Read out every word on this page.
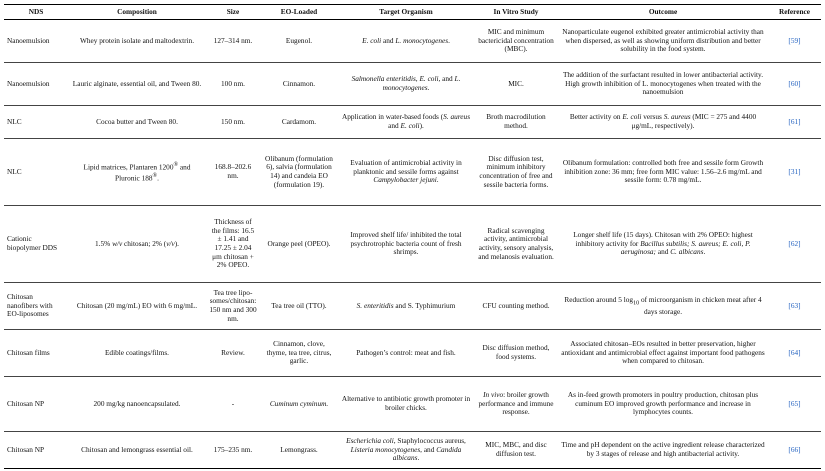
NDS	Composition	Size	EO-Loaded	Target Organism	In Vitro Study	Outcome	Reference
Nanoemulsion	Whey protein isolate and maltodextrin.	127–314 nm.	Eugenol.	E. coli and L. monocytogenes.	MIC and minimum bactericidal concentration (MBC).	Nanoparticulate eugenol exhibited greater antimicrobial activity than when dispersed, as well as showing uniform distribution and better solubility in the food system.	[59]
Nanoemulsion	Lauric alginate, essential oil, and Tween 80.	100 nm.	Cinnamon.	Salmonella enteritidis, E. coli, and L. monocytogenes.	MIC.	The addition of the surfactant resulted in lower antibacterial activity. High growth inhibition of L. monocytogenes when treated with the nanoemulsion	[60]
NLC	Cocoa butter and Tween 80.	150 nm.	Cardamom.	Application in water-based foods (S. aureus and E. coli).	Broth macrodilution method.	Better activity on E. coli versus S. aureus (MIC = 275 and 4400 μg/mL, respectively).	[61]
NLC	Lipid matrices, Plantaren 1200® and Pluronic 188®.	168.8–202.6 nm.	Olibanum (formulation 6), salvia (formulation 14) and candeia EO (formulation 19).	Evaluation of antimicrobial activity in planktonic and sessile forms against Campylobacter jejuni.	Disc diffusion test, minimum inhibitory concentration of free and sessile bacteria forms.	Olibanum formulation: controlled both free and sessile form Growth inhibition zone: 36 mm; free form MIC value: 1.56–2.6 mg/mL and sessile form: 0.78 mg/mL.	[31]
Cationic biopolymer DDS	1.5% w/v chitosan; 2% (v/v).	Thickness of the films: 16.5 ± 1.41 and 17.25 ± 2.04 μm chitosan + 2% OPEO.	Orange peel (OPEO).	Improved shelf life/ inhibited the total psychrotrophic bacteria count of fresh shrimps.	Radical scavenging activity, antimicrobial activity, sensory analysis, and melanosis evaluation.	Longer shelf life (15 days). Chitosan with 2% OPEO: highest inhibitory activity for Bacillus subtilis; S. aureus; E. coli, P. aeruginosa; and C. albicans.	[62]
Chitosan nanofibers with EO-liposomes	Chitosan (20 mg/mL) EO with 6 mg/mL.	Tea tree lipo-somes/chitosan: 150 nm and 300 nm.	Tea tree oil (TTO).	S. enteritidis and S. Typhimurium	CFU counting method.	Reduction around 5 $\log_{10}$ of microorganism in chicken meat after 4 days storage.	[63]
Chitosan films	Edible coatings/films.	Review.	Cinnamon, clove, thyme, tea tree, citrus, garlic.	Pathogen’s control: meat and fish.	Disc diffusion method, food systems.	Associated chitosan–EOs resulted in better preservation, higher antioxidant and antimicrobial effect against important food pathogens when compared to chitosan.	[64]
Chitosan NP	200 mg/kg nanoencapsulated.	-	Cuminum cyminum.	Alternative to antibiotic growth promoter in broiler chicks.	In vivo: broiler growth performance and immune response.	As in-feed growth promoters in poultry production, chitosan plus cuminum EO improved growth performance and increase in lymphocytes counts.	[65]
Chitosan NP	Chitosan and lemongrass essential oil.	175–235 nm.	Lemongrass.	Escherichia coli, Staphylococcus aureus, Listeria monocytogenes, and Candida albicans.	MIC, MBC, and disc diffusion test.	Time and pH dependent on the active ingredient release characterized by 3 stages of release and high antibacterial activity.	[66]
